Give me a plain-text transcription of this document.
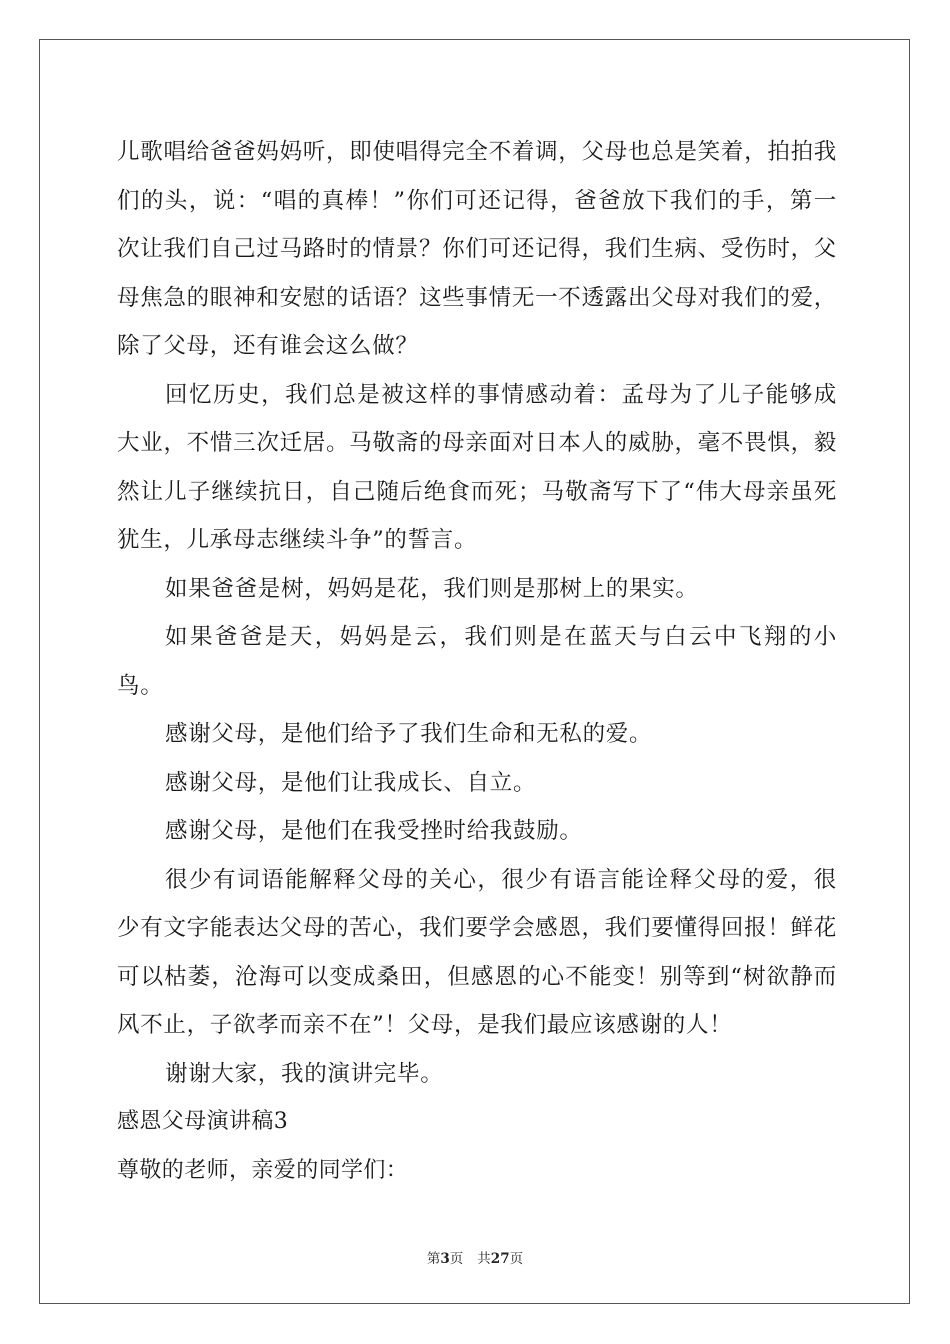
儿歌唱给爸爸妈妈听，即使唱得完全不着调，父母也总是笑着，拍拍我们的头，说：“唱的真棒！”你们可还记得，爸爸放下我们的手，第一次让我们自己过马路时的情景？你们可还记得，我们生病、受伤时，父母焦急的眼神和安慰的话语？这些事情无一不透露出父母对我们的爱，除了父母，还有谁会这么做？

回忆历史，我们总是被这样的事情感动着：孟母为了儿子能够成大业，不惜三次迁居。马敬斋的母亲面对日本人的威胁，毫不畏惧，毅然让儿子继续抗日，自己随后绝食而死；马敬斋写下了“伟大母亲虽死犹生，儿承母志继续斗争”的誓言。

如果爸爸是树，妈妈是花，我们则是那树上的果实。

如果爸爸是天，妈妈是云，我们则是在蓝天与白云中飞翔的小鸟。

感谢父母，是他们给予了我们生命和无私的爱。

感谢父母，是他们让我成长、自立。

感谢父母，是他们在我受挫时给我鼓励。

很少有词语能解释父母的关心，很少有语言能诠释父母的爱，很少有文字能表达父母的苦心，我们要学会感恩，我们要懂得回报！鲜花可以枯萎，沧海可以变成桑田，但感恩的心不能变！别等到“树欲静而风不止，子欲孝而亲不在”！父母，是我们最应该感谢的人！

谢谢大家，我的演讲完毕。

感恩父母演讲稿3

尊敬的老师，亲爱的同学们：

第3页 共27页
